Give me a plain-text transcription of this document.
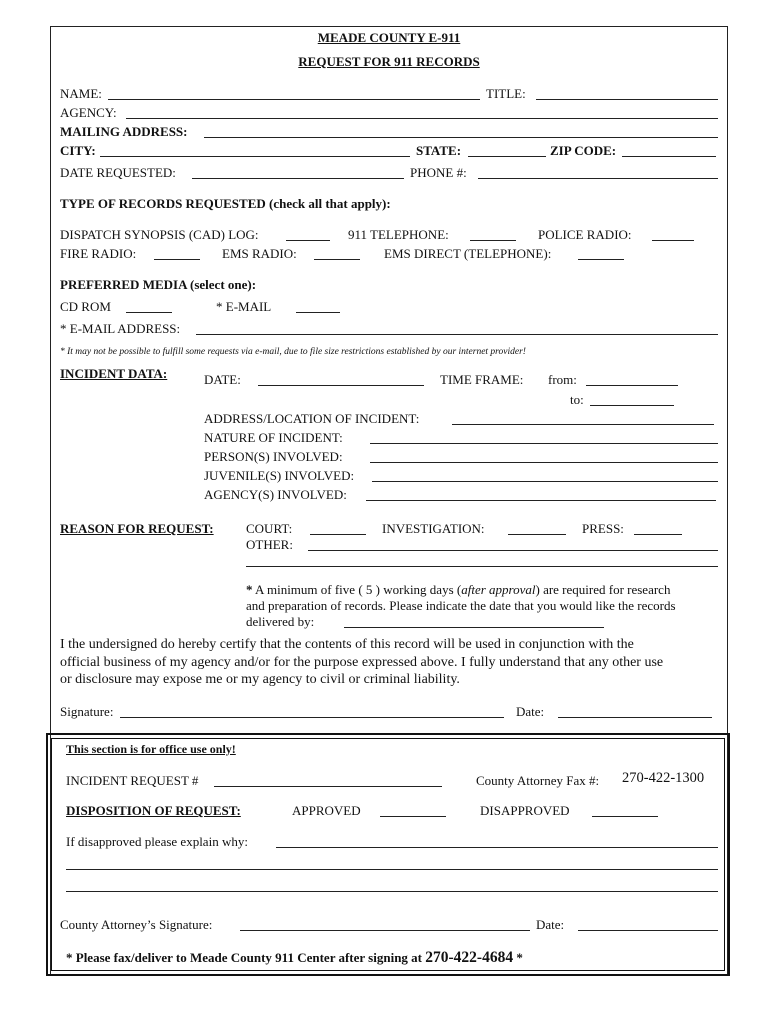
MEADE COUNTY E-911
REQUEST FOR 911 RECORDS
NAME:	TITLE:
AGENCY:
MAILING ADDRESS:
CITY:	STATE:	ZIP CODE:
DATE REQUESTED:	PHONE #:
TYPE OF RECORDS REQUESTED (check all that apply):
DISPATCH SYNOPSIS (CAD) LOG:	911 TELEPHONE:	POLICE RADIO:
FIRE RADIO:	EMS RADIO:	EMS DIRECT (TELEPHONE):
PREFERRED MEDIA (select one):
CD ROM	* E-MAIL
* E-MAIL ADDRESS:
* It may not be possible to fulfill some requests via e-mail, due to file size restrictions established by our internet provider!
INCIDENT DATA:	DATE:	TIME FRAME: from:
to:
ADDRESS/LOCATION OF INCIDENT:
NATURE OF INCIDENT:
PERSON(S) INVOLVED:
JUVENILE(S) INVOLVED:
AGENCY(S) INVOLVED:
REASON FOR REQUEST: COURT:	INVESTIGATION:	PRESS:
OTHER:
* A minimum of five ( 5 ) working days (after approval) are required for research
and preparation of records. Please indicate the date that you would like the records
delivered by:
I the undersigned do hereby certify that the contents of this record will be used in conjunction with the
official business of my agency and/or for the purpose expressed above. I fully understand that any other use
or disclosure may expose me or my agency to civil or criminal liability.
Signature:	Date:
This section is for office use only!
INCIDENT REQUEST #	County Attorney Fax #: 270-422-1300
DISPOSITION OF REQUEST:	APPROVED	DISAPPROVED
If disapproved please explain why:
County Attorney’s Signature:	Date:
* Please fax/deliver to Meade County 911 Center after signing at 270-422-4684 *
